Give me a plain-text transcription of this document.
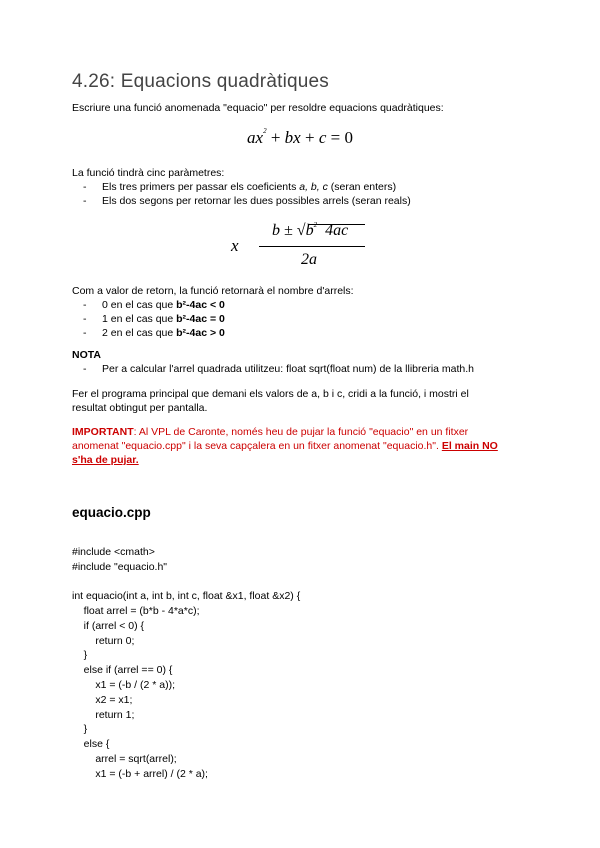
4.26: Equacions quadràtiques
Escriure una funció anomenada "equacio" per resoldre equacions quadràtiques:
$ax^2$ + bx + c = 0
La funció tindrà cinc paràmetres:
- Els tres primers per passar els coeficients a, b, c (seran enters)
- Els dos segons per retornar les dues possibles arrels (seran reals)
x
$b \pm √b^2$ 4ac
2a
Com a valor de retorn, la funció retornarà el nombre d'arrels:
- 0 en el cas que b²-4ac < 0
- 1 en el cas que b²-4ac = 0
- 2 en el cas que b²-4ac > 0
NOTA
- Per a calcular l'arrel quadrada utilitzeu: float sqrt(float num) de la llibreria math.h
Fer el programa principal que demani els valors de a, b i c, cridi a la funció, i mostri el
resultat obtingut per pantalla.
IMPORTANT: Al VPL de Caronte, només heu de pujar la funció "equacio" en un fitxer
anomenat "equacio.cpp" i la seva capçalera en un fitxer anomenat "equacio.h". El main NO
s'ha de pujar.
equacio.cpp

#include <cmath>
#include "equacio.h"

int equacio(int a, int b, int c, float &x1, float &x2) {
float arrel = (b*b - 4*a*c);
if (arrel < 0) {
return 0;
}
else if (arrel == 0) {
x1 = (-b / (2 * a));
x2 = x1;
return 1;
}
else {
arrel = sqrt(arrel);
x1 = (-b + arrel) / (2 * a);
